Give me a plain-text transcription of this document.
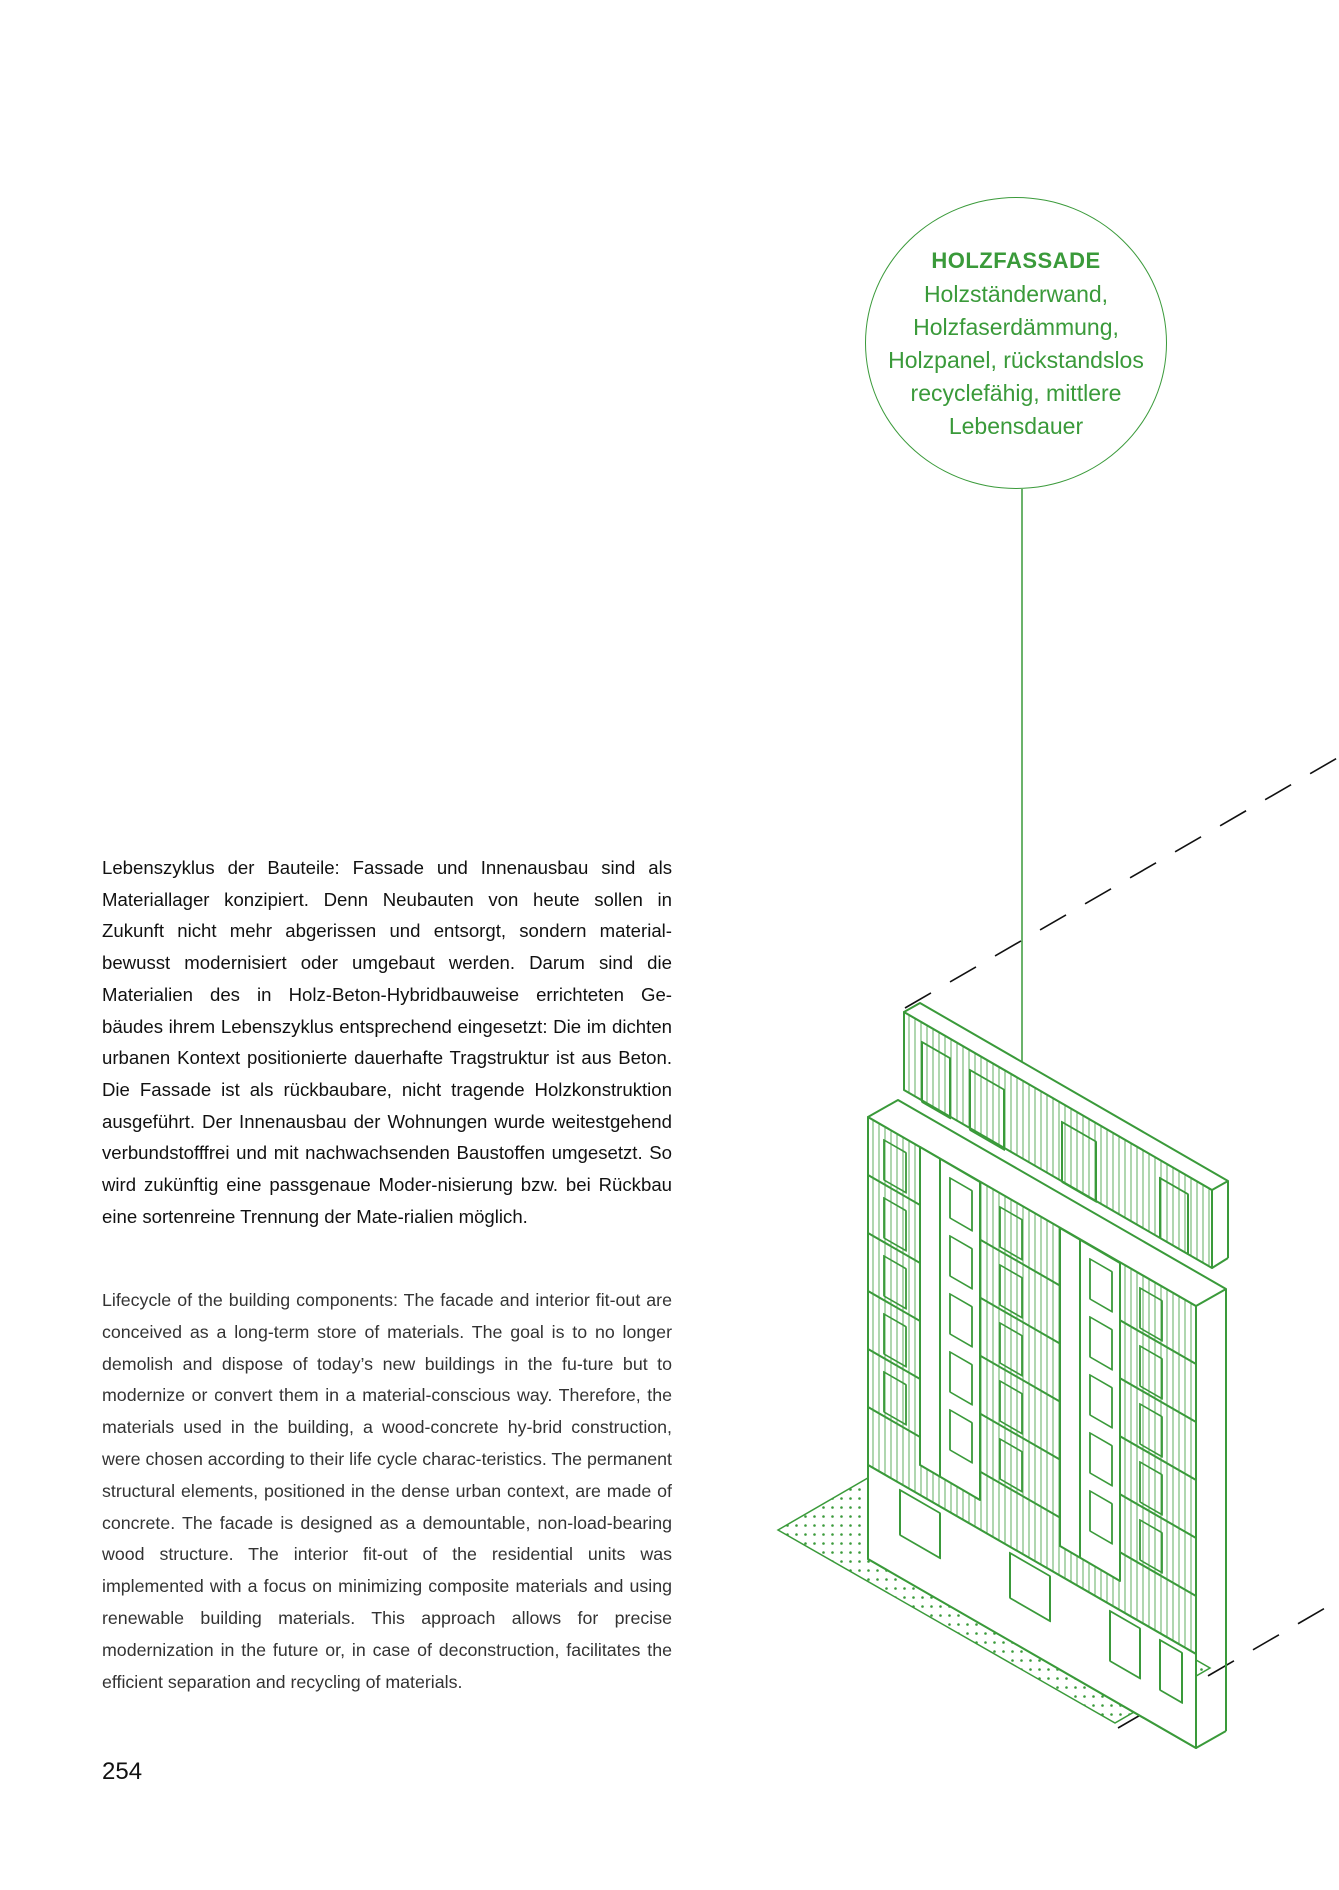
HOLZFASSADE
Holzständerwand,
Holzfaserdämmung,
Holzpanel, rückstandslos
recyclefähig, mittlere
Lebensdauer

Lebenszyklus der Bauteile: Fassade und Innenausbau sind als Materiallager konzipiert. Denn Neubauten von heute sollen in Zukunft nicht mehr abgerissen und entsorgt, sondern material-bewusst modernisiert oder umgebaut werden. Darum sind die Materialien des in Holz-Beton-Hybridbauweise errichteten Ge-bäudes ihrem Lebenszyklus entsprechend eingesetzt: Die im dichten urbanen Kontext positionierte dauerhafte Tragstruktur ist aus Beton. Die Fassade ist als rückbaubare, nicht tragende Holzkonstruktion ausgeführt. Der Innenausbau der Wohnungen wurde weitestgehend verbundstofffrei und mit nachwachsenden Baustoffen umgesetzt. So wird zukünftig eine passgenaue Moder-nisierung bzw. bei Rückbau eine sortenreine Trennung der Mate-rialien möglich.

Lifecycle of the building components: The facade and interior fit-out are conceived as a long-term store of materials. The goal is to no longer demolish and dispose of today’s new buildings in the fu-ture but to modernize or convert them in a material-conscious way. Therefore, the materials used in the building, a wood-concrete hy-brid construction, were chosen according to their life cycle charac-teristics. The permanent structural elements, positioned in the dense urban context, are made of concrete. The facade is designed as a demountable, non-load-bearing wood structure. The interior fit-out of the residential units was implemented with a focus on minimizing composite materials and using renewable building materials. This approach allows for precise modernization in the future or, in case of deconstruction, facilitates the efficient separation and recycling of materials.

254
